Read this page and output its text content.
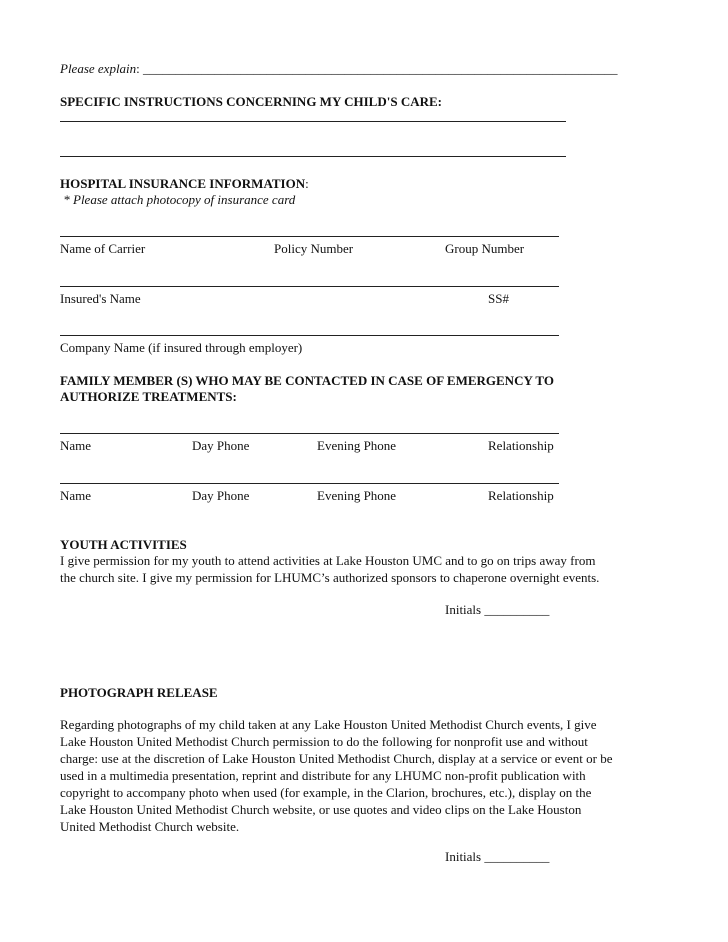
Please explain: _________________________________________________________________________
SPECIFIC INSTRUCTIONS CONCERNING MY CHILD'S CARE:
HOSPITAL INSURANCE INFORMATION:
* Please attach photocopy of insurance card
Name of Carrier	Policy Number	Group Number
Insured's Name	SS#
Company Name (if insured through employer)
FAMILY MEMBER (S) WHO MAY BE CONTACTED IN CASE OF EMERGENCY TO
AUTHORIZE TREATMENTS:
Name	Day Phone	Evening Phone	Relationship
Name	Day Phone	Evening Phone	Relationship
YOUTH ACTIVITIES
I give permission for my youth to attend activities at Lake Houston UMC and to go on trips away from
the church site. I give my permission for LHUMC’s authorized sponsors to chaperone overnight events.
Initials __________
PHOTOGRAPH RELEASE
Regarding photographs of my child taken at any Lake Houston United Methodist Church events, I give
Lake Houston United Methodist Church permission to do the following for nonprofit use and without
charge: use at the discretion of Lake Houston United Methodist Church, display at a service or event or be
used in a multimedia presentation, reprint and distribute for any LHUMC non-profit publication with
copyright to accompany photo when used (for example, in the Clarion, brochures, etc.), display on the
Lake Houston United Methodist Church website, or use quotes and video clips on the Lake Houston
United Methodist Church website.
Initials __________
